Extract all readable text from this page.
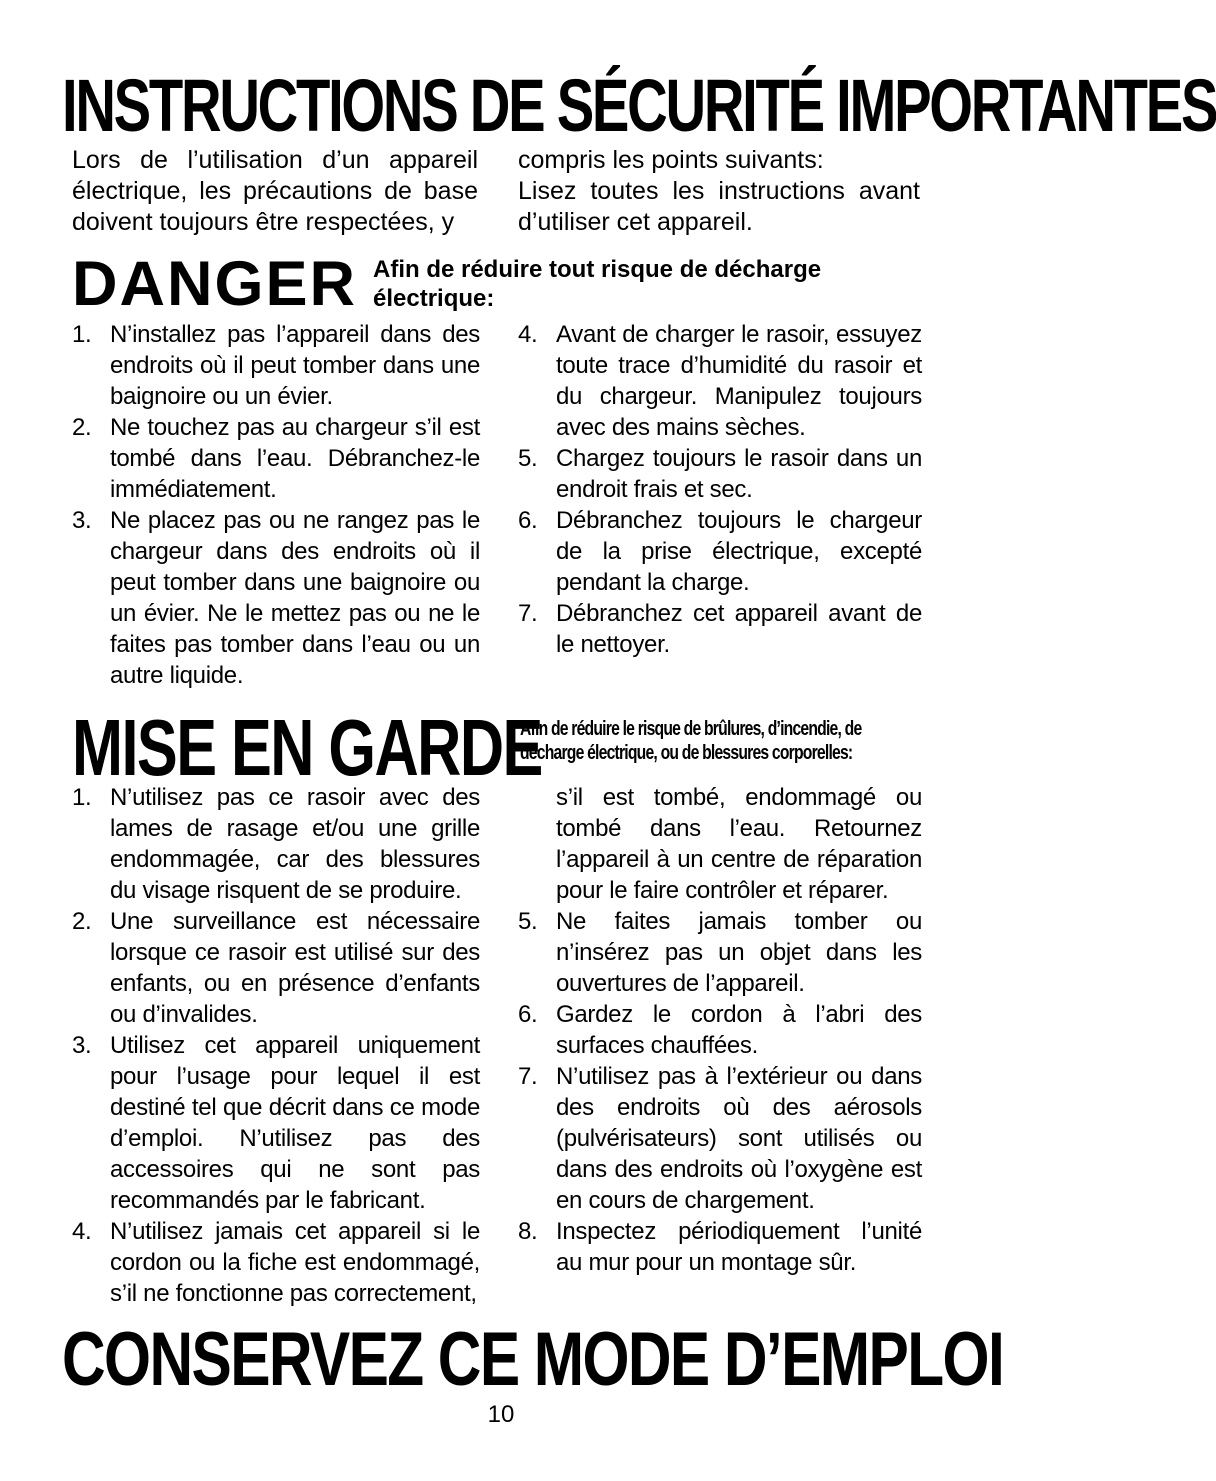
INSTRUCTIONS DE SÉCURITÉ IMPORTANTES

Lors de l’utilisation d’un appareil électrique, les précautions de base doivent toujours être respectées, y

compris les points suivants:

Lisez toutes les instructions avant d’utiliser cet appareil.

DANGER Afin de réduire tout risque de décharge électrique:
1. N’installez pas l’appareil dans des endroits où il peut tomber dans une baignoire ou un évier.
2. Ne touchez pas au chargeur s’il est tombé dans l’eau. Débranchez-le immédiatement.
3. Ne placez pas ou ne rangez pas le chargeur dans des endroits où il peut tomber dans une baignoire ou un évier. Ne le mettez pas ou ne le faites pas tomber dans l’eau ou un autre liquide.
4. Avant de charger le rasoir, essuyez toute trace d’humidité du rasoir et du chargeur. Manipulez toujours avec des mains sèches.
5. Chargez toujours le rasoir dans un endroit frais et sec.
6. Débranchez toujours le chargeur de la prise électrique, excepté pendant la charge.
7. Débranchez cet appareil avant de le nettoyer.
MISE EN GARDE
Afin de réduire le risque de brûlures, d’incendie, de
décharge électrique, ou de blessures corporelles:
1. N’utilisez pas ce rasoir avec des lames de rasage et/ou une grille endommagée, car des blessures du visage risquent de se produire.
2. Une surveillance est nécessaire lorsque ce rasoir est utilisé sur des enfants, ou en présence d’enfants ou d’invalides.
3. Utilisez cet appareil uniquement pour l’usage pour lequel il est destiné tel que décrit dans ce mode d’emploi. N’utilisez pas des accessoires qui ne sont pas recommandés par le fabricant.
4. N’utilisez jamais cet appareil si le cordon ou la fiche est endommagé, s’il ne fonctionne pas correctement,
s’il est tombé, endommagé ou tombé dans l’eau. Retournez l’appareil à un centre de réparation pour le faire contrôler et réparer.
5. Ne faites jamais tomber ou n’insérez pas un objet dans les ouvertures de l’appareil.
6. Gardez le cordon à l’abri des surfaces chauffées.
7. N’utilisez pas à l’extérieur ou dans des endroits où des aérosols (pulvérisateurs) sont utilisés ou dans des endroits où l’oxygène est en cours de chargement.
8. Inspectez périodiquement l’unité au mur pour un montage sûr.
CONSERVEZ CE MODE D’EMPLOI
10
